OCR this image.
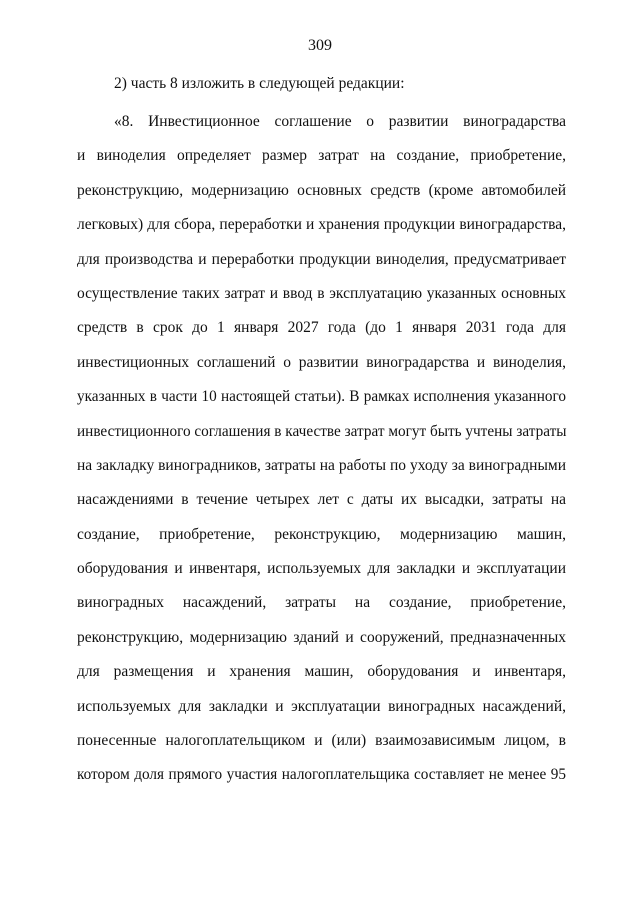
309
2) часть 8 изложить в следующей редакции:
«8. Инвестиционное соглашение о развитии виноградарства
и виноделия определяет размер затрат на создание, приобретение,
реконструкцию, модернизацию основных средств (кроме автомобилей
легковых) для сбора, переработки и хранения продукции виноградарства,
для производства и переработки продукции виноделия, предусматривает
осуществление таких затрат и ввод в эксплуатацию указанных основных
средств в срок до 1 января 2027 года (до 1 января 2031 года для
инвестиционных соглашений о развитии виноградарства и виноделия,
указанных в части 10 настоящей статьи). В рамках исполнения указанного
инвестиционного соглашения в качестве затрат могут быть учтены затраты
на закладку виноградников, затраты на работы по уходу за виноградными
насаждениями в течение четырех лет с даты их высадки, затраты на
создание, приобретение, реконструкцию, модернизацию машин,
оборудования и инвентаря, используемых для закладки и эксплуатации
виноградных насаждений, затраты на создание, приобретение,
реконструкцию, модернизацию зданий и сооружений, предназначенных
для размещения и хранения машин, оборудования и инвентаря,
используемых для закладки и эксплуатации виноградных насаждений,
понесенные налогоплательщиком и (или) взаимозависимым лицом, в
котором доля прямого участия налогоплательщика составляет не менее 95
